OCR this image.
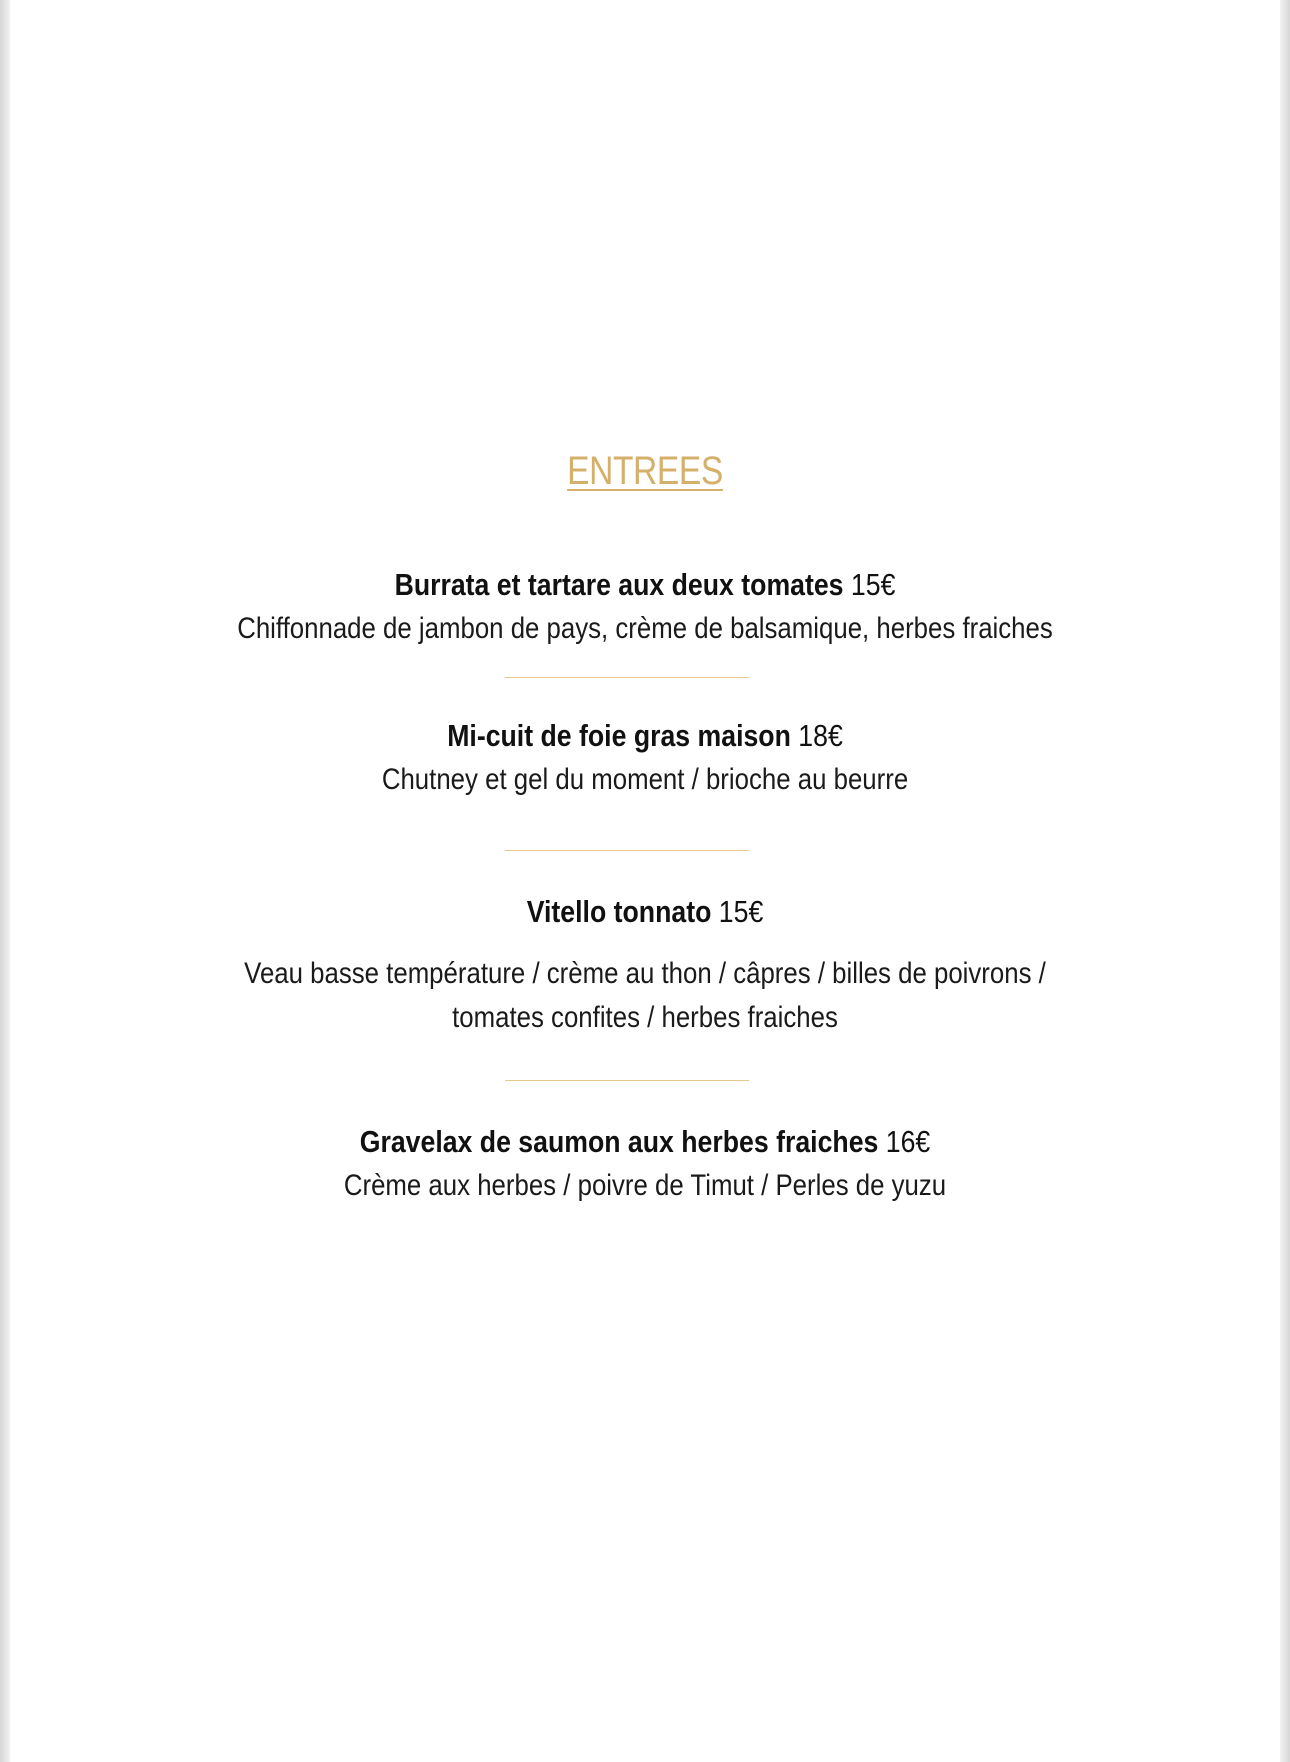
ENTREES
Burrata et tartare aux deux tomates 15€
Chiffonnade de jambon de pays, crème de balsamique, herbes fraiches
Mi-cuit de foie gras maison 18€
Chutney et gel du moment / brioche au beurre
Vitello tonnato 15€
Veau basse température / crème au thon / câpres / billes de poivrons / tomates confites / herbes fraiches
Gravelax de saumon aux herbes fraiches 16€
Crème aux herbes / poivre de Timut / Perles de yuzu
